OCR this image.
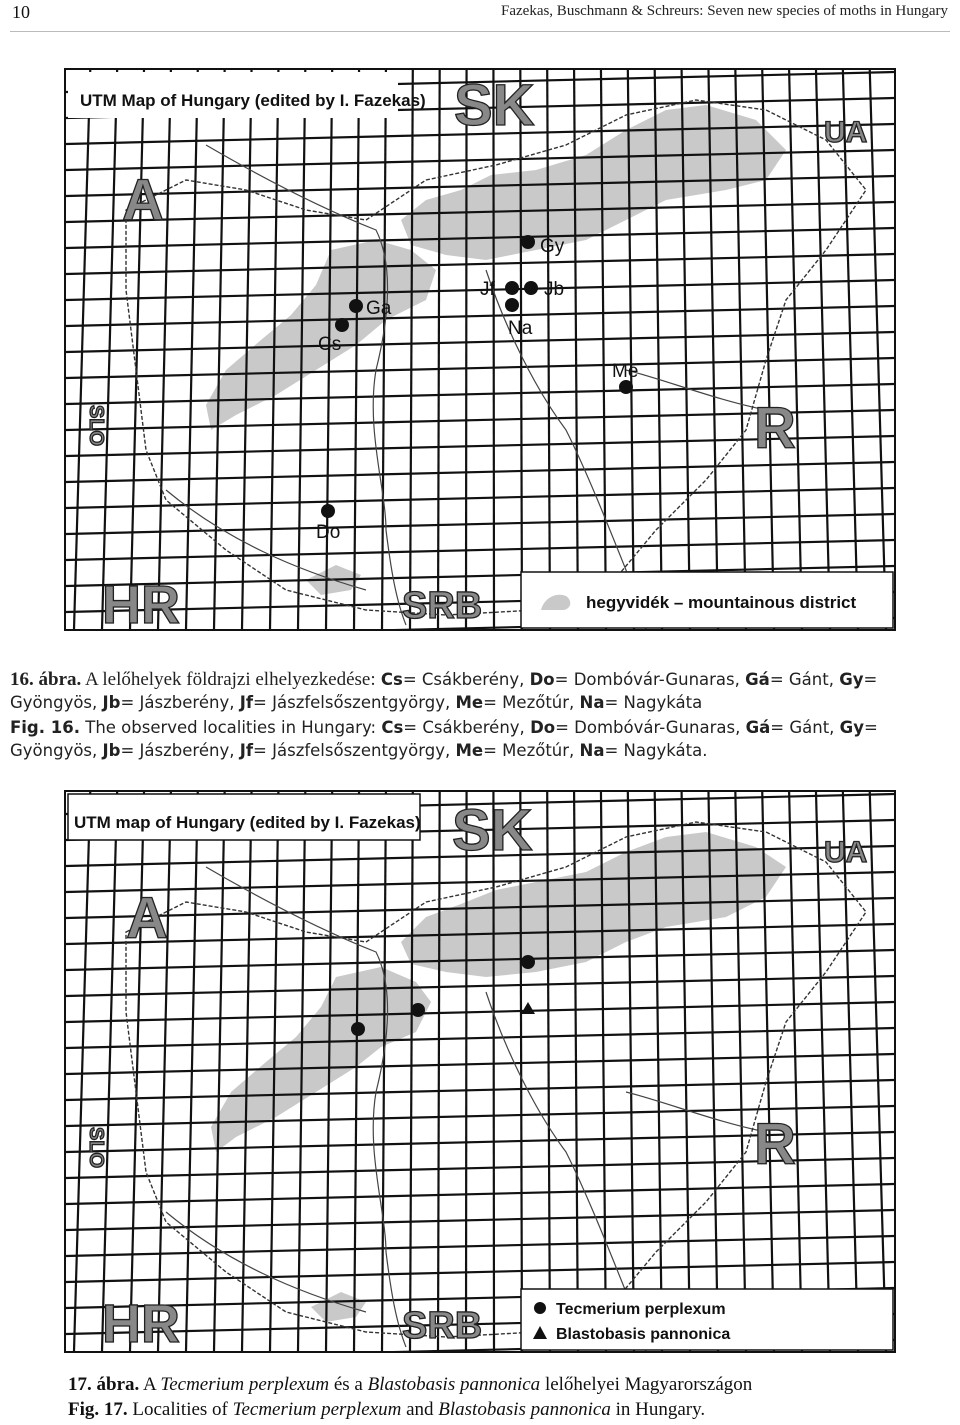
10	Fazekas, Buschmann & Schreurs: Seven new species of moths in Hungary
UTM Map of Hungary (edited by I. Fazekas) SK	UA
A
R
HR	SRB
SLO
Gy
Jf	Jb
Ga
Na
Cs
Me
Do
hegyvidék – mountainous district
16. ábra. A lelőhelyek földrajzi elhelyezkedése: Cs= Csákberény, Do= Dombóvár-Gunaras, Gá= Gánt, Gy= Gyöngyös, Jb= Jászberény, Jf= Jászfelsőszentgyörgy, Me= Mezőtúr, Na= Nagykáta
Fig. 16. The observed localities in Hungary: Cs= Csákberény, Do= Dombóvár-Gunaras, Gá= Gánt, Gy= Gyöngyös, Jb= Jászberény, Jf= Jászfelsőszentgyörgy, Me= Mezőtúr, Na= Nagykáta.
UTM map of Hungary (edited by I. Fazekas) SK	UA
A
R
HR	SRB
SLO
Tecmerium perplexum
Blastobasis pannonica
17. ábra. A Tecmerium perplexum és a Blastobasis pannonica lelőhelyei Magyarországon
Fig. 17. Localities of Tecmerium perplexum and Blastobasis pannonica in Hungary.
